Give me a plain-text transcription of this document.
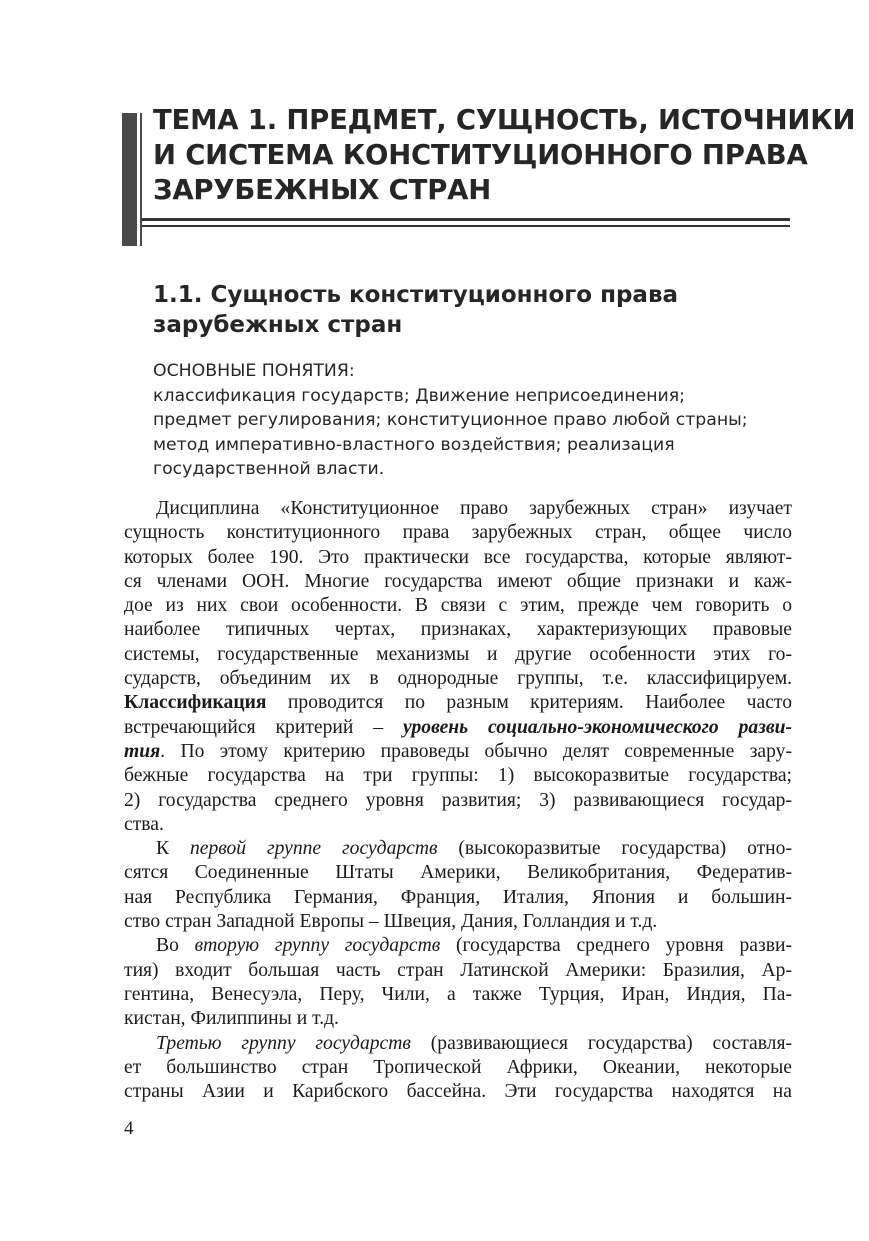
ТЕМА 1. ПРЕДМЕТ, СУЩНОСТЬ, ИСТОЧНИКИ
И СИСТЕМА КОНСТИТУЦИОННОГО ПРАВА
ЗАРУБЕЖНЫХ СТРАН
1.1. Сущность конституционного права
зарубежных стран
ОСНОВНЫЕ ПОНЯТИЯ:
классификация государств; Движение неприсоединения;
предмет регулирования; конституционное право любой страны;
метод императивно-властного воздействия; реализация
государственной власти.
Дисциплина «Конституционное право зарубежных стран» изучает
сущность конституционного права зарубежных стран, общее число
которых более 190. Это практически все государства, которые являют-
ся членами ООН. Многие государства имеют общие признаки и каж-
дое из них свои особенности. В связи с этим, прежде чем говорить о
наиболее типичных чертах, признаках, характеризующих правовые
системы, государственные механизмы и другие особенности этих го-
сударств, объединим их в однородные группы, т.е. классифицируем.
Классификация проводится по разным критериям. Наиболее часто
встречающийся критерий – уровень социально-экономического разви-
тия. По этому критерию правоведы обычно делят современные зару-
бежные государства на три группы: 1) высокоразвитые государства;
2) государства среднего уровня развития; 3) развивающиеся государ-
ства.
К первой группе государств (высокоразвитые государства) отно-
сятся Соединенные Штаты Америки, Великобритания, Федератив-
ная Республика Германия, Франция, Италия, Япония и большин-
ство стран Западной Европы – Швеция, Дания, Голландия и т.д.
Во вторую группу государств (государства среднего уровня разви-
тия) входит большая часть стран Латинской Америки: Бразилия, Ар-
гентина, Венесуэла, Перу, Чили, а также Турция, Иран, Индия, Па-
кистан, Филиппины и т.д.
Третью группу государств (развивающиеся государства) составля-
ет большинство стран Тропической Африки, Океании, некоторые
страны Азии и Карибского бассейна. Эти государства находятся на
4
